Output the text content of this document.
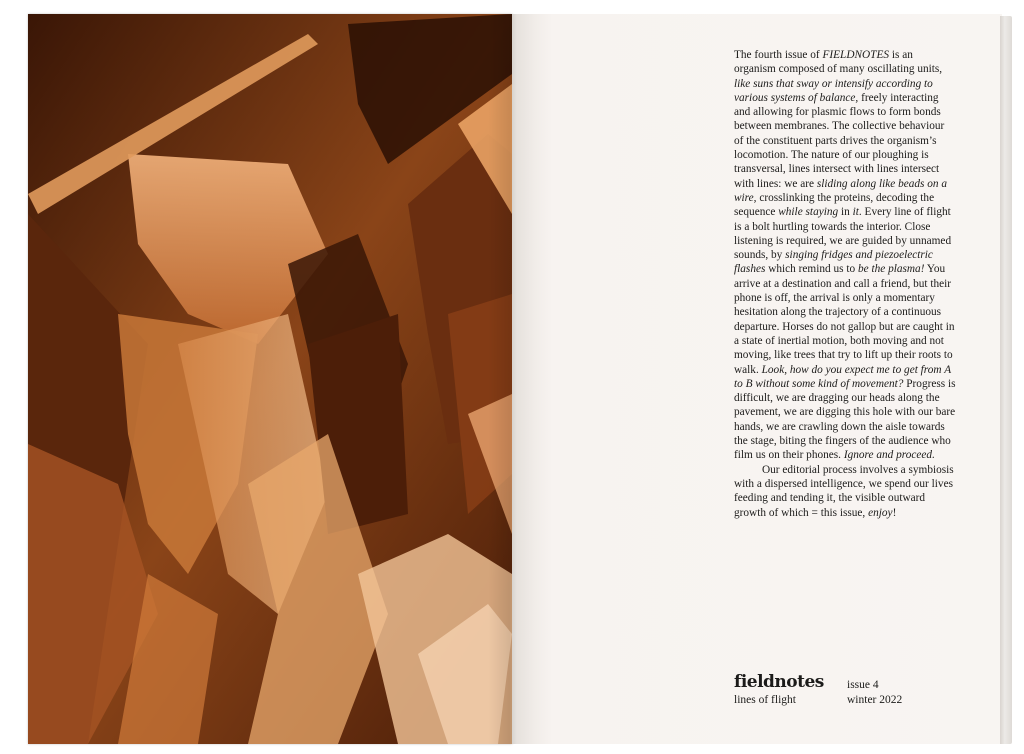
The fourth issue of FIELDNOTES is an organism composed of many oscillating units, like suns that sway or intensify according to various systems of balance, freely interacting and allowing for plasmic flows to form bonds between membranes. The collective behaviour of the constituent parts drives the organism’s locomotion. The nature of our ploughing is transversal, lines intersect with lines intersect with lines: we are sliding along like beads on a wire, crosslinking the proteins, decoding the sequence while staying in it. Every line of flight is a bolt hurtling towards the interior. Close listening is required, we are guided by unnamed sounds, by singing fridges and piezoelectric flashes which remind us to be the plasma! You arrive at a destination and call a friend, but their phone is off, the arrival is only a momentary hesitation along the trajectory of a continuous departure. Horses do not gallop but are caught in a state of inertial motion, both moving and not moving, like trees that try to lift up their roots to walk. Look, how do you expect me to get from A to B without some kind of movement? Progress is difficult, we are dragging our heads along the pavement, we are digging this hole with our bare hands, we are crawling down the aisle towards the stage, biting the fingers of the audience who film us on their phones. Ignore and proceed.

Our editorial process involves a symbiosis with a dispersed intelligence, we spend our lives feeding and tending it, the visible outward growth of which = this issue, enjoy!

fieldnotes
lines of flight
issue 4
winter 2022
